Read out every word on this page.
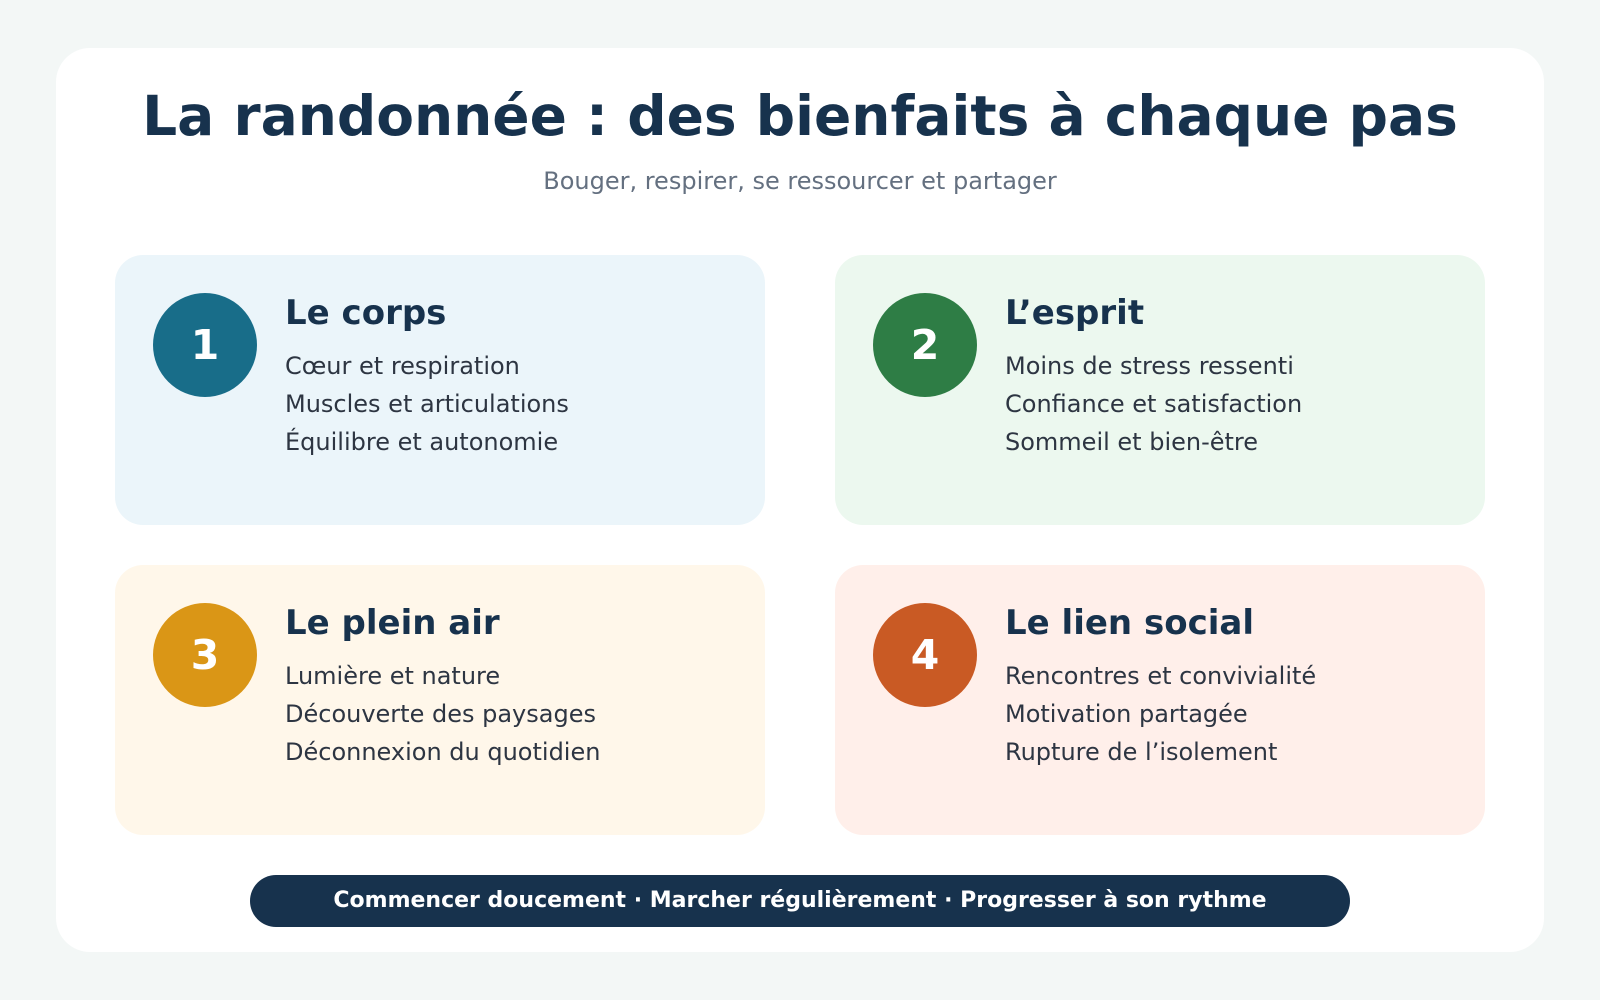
La randonnée : des bienfaits à chaque pas

Bouger, respirer, se ressourcer et partager

1
Le corps
Cœur et respiration
Muscles et articulations
Équilibre et autonomie
2
L’esprit
Moins de stress ressenti
Confiance et satisfaction
Sommeil et bien-être
3
Le plein air
Lumière et nature
Découverte des paysages
Déconnexion du quotidien
4
Le lien social
Rencontres et convivialité
Motivation partagée
Rupture de l’isolement
Commencer doucement · Marcher régulièrement · Progresser à son rythme
